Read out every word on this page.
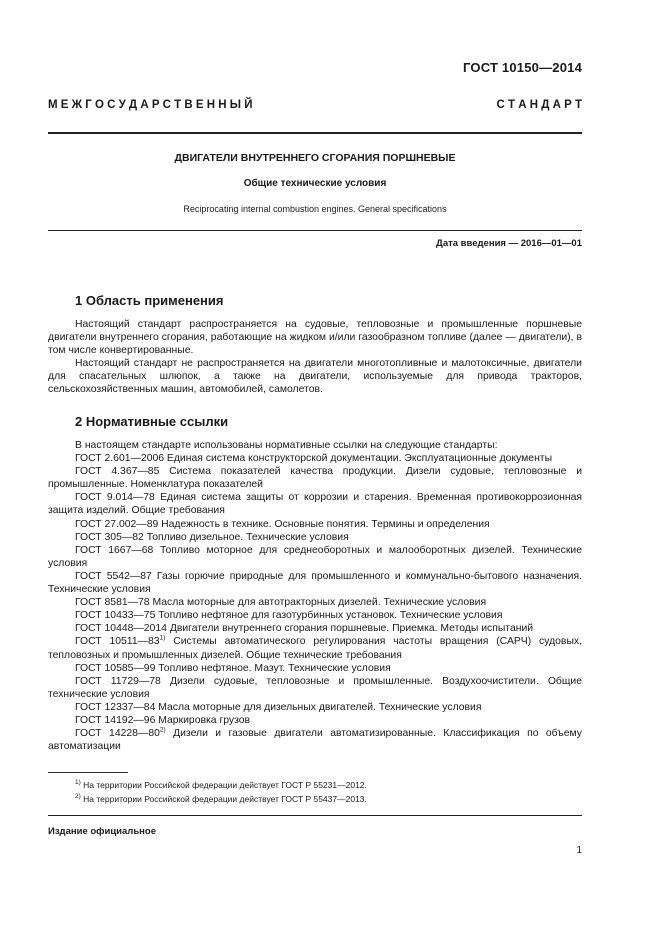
ГОСТ 10150—2014
М Е Ж Г О С У Д А Р С Т В Е Н Н Ы Й	С Т А Н Д А Р Т
ДВИГАТЕЛИ ВНУТРЕННЕГО СГОРАНИЯ ПОРШНЕВЫЕ
Общие технические условия
Reciprocating internal combustion engines. General specifications
Дата введения — 2016—01—01
1 Область применения

Настоящий стандарт распространяется на судовые, тепловозные и промышленные поршневые двигатели внутреннего сгорания, работающие на жидком и/или газообразном топливе (далее — двигатели), в том числе конвертированные.

Настоящий стандарт не распространяется на двигатели многотопливные и малотоксичные, двигатели для спасательных шлюпок, а также на двигатели, используемые для привода тракторов, сельскохозяйственных машин, автомобилей, самолетов.

2 Нормативные ссылки

В настоящем стандарте использованы нормативные ссылки на следующие стандарты:

ГОСТ 2.601—2006 Единая система конструкторской документации. Эксплуатационные документы

ГОСТ 4.367—85 Система показателей качества продукции. Дизели судовые, тепловозные и промышленные. Номенклатура показателей

ГОСТ 9.014—78 Единая система защиты от коррозии и старения. Временная противокоррозионная защита изделий. Общие требования

ГОСТ 27.002—89 Надежность в технике. Основные понятия. Термины и определения

ГОСТ 305—82 Топливо дизельное. Технические условия

ГОСТ 1667—68 Топливо моторное для среднеоборотных и малооборотных дизелей. Технические условия

ГОСТ 5542—87 Газы горючие природные для промышленного и коммунально-бытового назначения. Технические условия

ГОСТ 8581—78 Масла моторные для автотракторных дизелей. Технические условия

ГОСТ 10433—75 Топливо нефтяное для газотурбинных установок. Технические условия

ГОСТ 10448—2014 Двигатели внутреннего сгорания поршневые. Приемка. Методы испытаний

ГОСТ 10511—83$^{1)}$ Системы автоматического регулирования частоты вращения (САРЧ) судовых, тепловозных и промышленных дизелей. Общие технические требования

ГОСТ 10585—99 Топливо нефтяное. Мазут. Технические условия

ГОСТ 11729—78 Дизели судовые, тепловозные и промышленные. Воздухоочистители. Общие технические условия

ГОСТ 12337—84 Масла моторные для дизельных двигателей. Технические условия

ГОСТ 14192—96 Маркировка грузов

ГОСТ 14228—80$^{2)}$ Дизели и газовые двигатели автоматизированные. Классификация по объему автоматизации

$^{1)}$ На территории Российской федерации действует ГОСТ Р 55231—2012.
$^{2)}$ На территории Российской федерации действует ГОСТ Р 55437—2013.
Издание официальное
1
